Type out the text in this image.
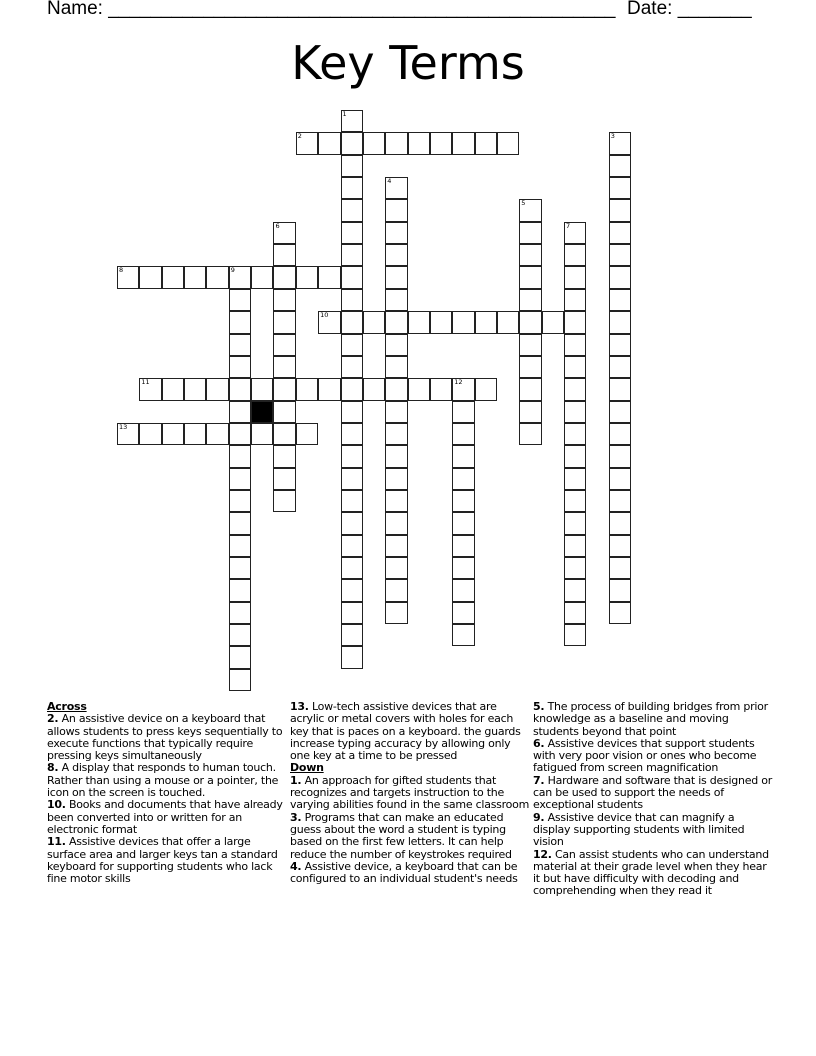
Name: ________________________________________________ Date: _______
Key Terms
1
2	3
4
5
6	7
8	9
10
11	12
13
Across
2. An assistive device on a keyboard that allows students to press keys sequentially to execute functions that typically require pressing keys simultaneously
8. A display that responds to human touch. Rather than using a mouse or a pointer, the icon on the screen is touched.
10. Books and documents that have already been converted into or written for an electronic format
11. Assistive devices that offer a large surface area and larger keys tan a standard keyboard for supporting students who lack fine motor skills
13. Low-tech assistive devices that are acrylic or metal covers with holes for each key that is paces on a keyboard. the guards increase typing accuracy by allowing only one key at a time to be pressed
Down
1. An approach for gifted students that recognizes and targets instruction to the varying abilities found in the same classroom
3. Programs that can make an educated guess about the word a student is typing based on the first few letters. It can help reduce the number of keystrokes required
4. Assistive device, a keyboard that can be configured to an individual student's needs
5. The process of building bridges from prior knowledge as a baseline and moving students beyond that point
6. Assistive devices that support students with very poor vision or ones who become fatigued from screen magnification
7. Hardware and software that is designed or can be used to support the needs of exceptional students
9. Assistive device that can magnify a display supporting students with limited vision
12. Can assist students who can understand material at their grade level when they hear it but have difficulty with decoding and comprehending when they read it
